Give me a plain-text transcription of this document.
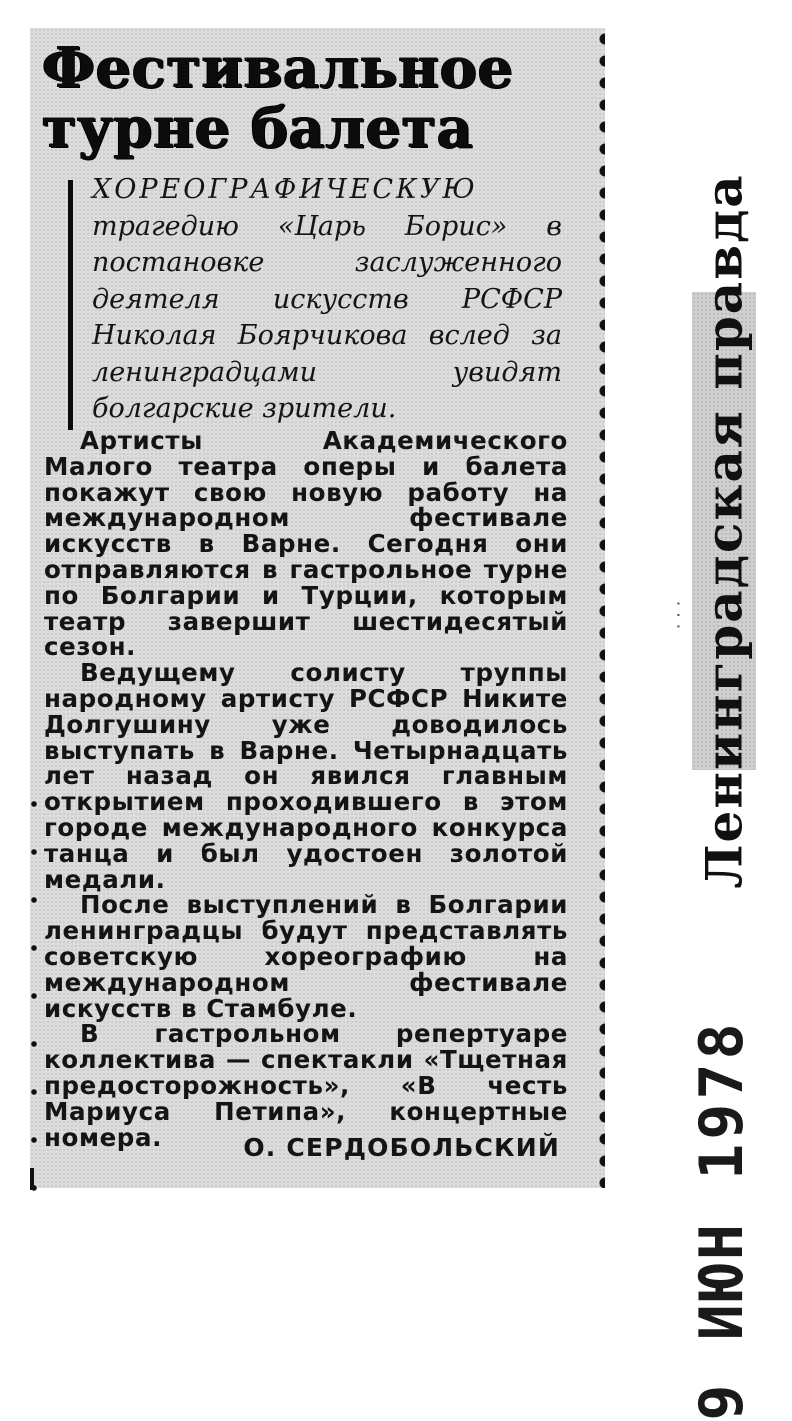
Фестивальное турне балета
ХОРЕОГРАФИЧЕСКУЮ трагедию «Царь Борис» в постановке заслуженного деятеля искусств РСФСР Николая Боярчикова вслед за ленинградцами увидят болгарские зрители.

Артисты Академического Малого театра оперы и балета покажут свою новую работу на международном фестивале искусств в Варне. Сегодня они отправляются в гастрольное турне по Болгарии и Турции, которым театр завершит шестидесятый сезон.

Ведущему солисту труппы народному артисту РСФСР Никите Долгушину уже доводилось выступать в Варне. Четырнадцать лет назад он явился главным открытием проходившего в этом городе международного конкурса танца и был удостоен золотой медали.

После выступлений в Болгарии ленинградцы будут представлять советскую хореографию на международном фестивале искусств в Стамбуле.

В гастрольном репертуаре коллектива — спектакли «Тщетная предосторожность», «В честь Мариуса Петипа», концертные номера.	О. СЕРДОБОЛЬСКИЙ
Ленинградская правда
· · ·
9 ИЮН 1978
